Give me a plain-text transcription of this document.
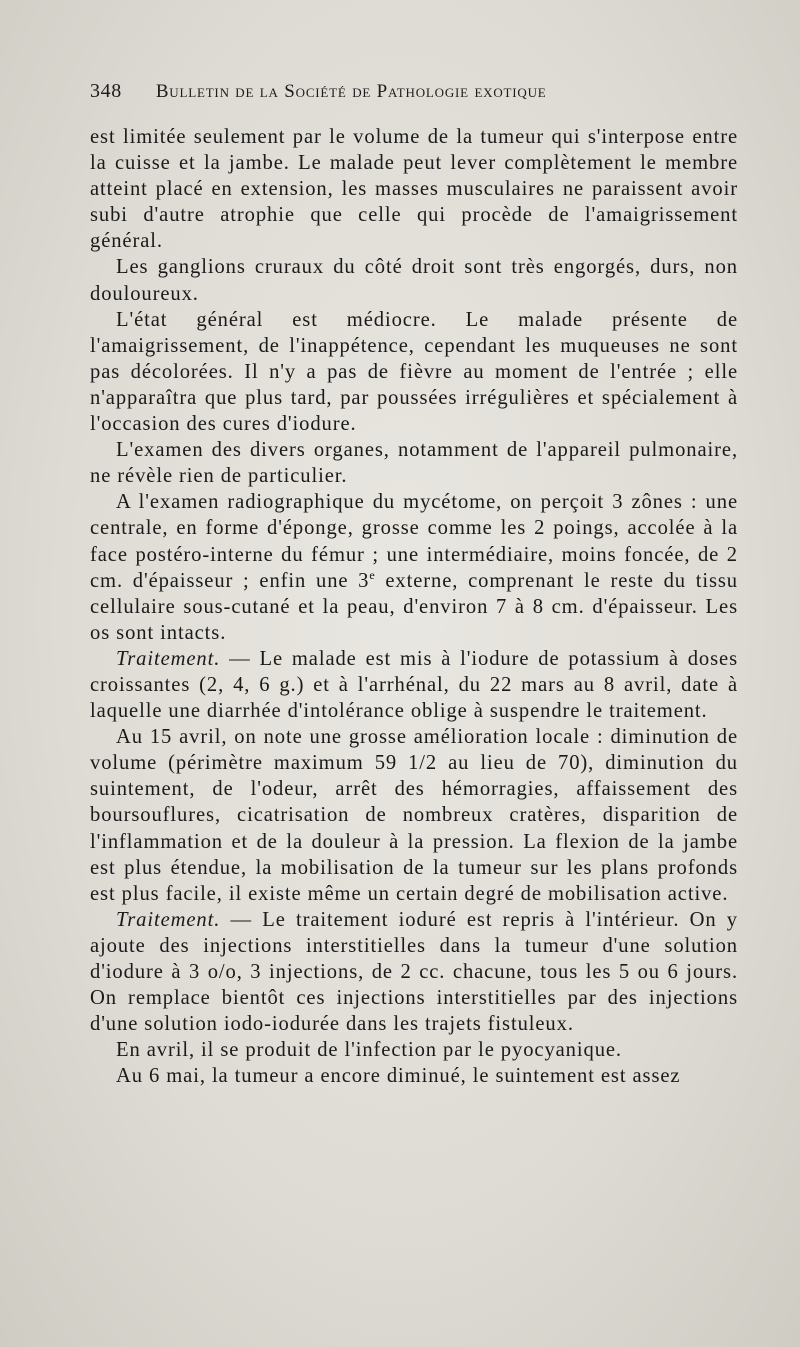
348 Bulletin de la Société de Pathologie exotique

est limitée seulement par le volume de la tumeur qui s'interpose entre la cuisse et la jambe. Le malade peut lever complètement le membre atteint placé en extension, les masses musculaires ne paraissent avoir subi d'autre atrophie que celle qui procède de l'amaigrissement général.

Les ganglions cruraux du côté droit sont très engorgés, durs, non douloureux.

L'état général est médiocre. Le malade présente de l'amaigrissement, de l'inappétence, cependant les muqueuses ne sont pas décolorées. Il n'y a pas de fièvre au moment de l'entrée ; elle n'apparaîtra que plus tard, par poussées irrégulières et spécialement à l'occasion des cures d'iodure.

L'examen des divers organes, notamment de l'appareil pulmonaire, ne révèle rien de particulier.

A l'examen radiographique du mycétome, on perçoit 3 zônes : une centrale, en forme d'éponge, grosse comme les 2 poings, accolée à la face postéro-interne du fémur ; une intermédiaire, moins foncée, de 2 cm. d'épaisseur ; enfin une 3e externe, comprenant le reste du tissu cellulaire sous-cutané et la peau, d'environ 7 à 8 cm. d'épaisseur. Les os sont intacts.

Traitement. — Le malade est mis à l'iodure de potassium à doses croissantes (2, 4, 6 g.) et à l'arrhénal, du 22 mars au 8 avril, date à laquelle une diarrhée d'intolérance oblige à suspendre le traitement.

Au 15 avril, on note une grosse amélioration locale : diminution de volume (périmètre maximum 59 1/2 au lieu de 70), diminution du suintement, de l'odeur, arrêt des hémorragies, affaissement des boursouflures, cicatrisation de nombreux cratères, disparition de l'inflammation et de la douleur à la pression. La flexion de la jambe est plus étendue, la mobilisation de la tumeur sur les plans profonds est plus facile, il existe même un certain degré de mobilisation active.

Traitement. — Le traitement ioduré est repris à l'intérieur. On y ajoute des injections interstitielles dans la tumeur d'une solution d'iodure à 3 o/o, 3 injections, de 2 cc. chacune, tous les 5 ou 6 jours. On remplace bientôt ces injections interstitielles par des injections d'une solution iodo-iodurée dans les trajets fistuleux.

En avril, il se produit de l'infection par le pyocyanique.

Au 6 mai, la tumeur a encore diminué, le suintement est assez
